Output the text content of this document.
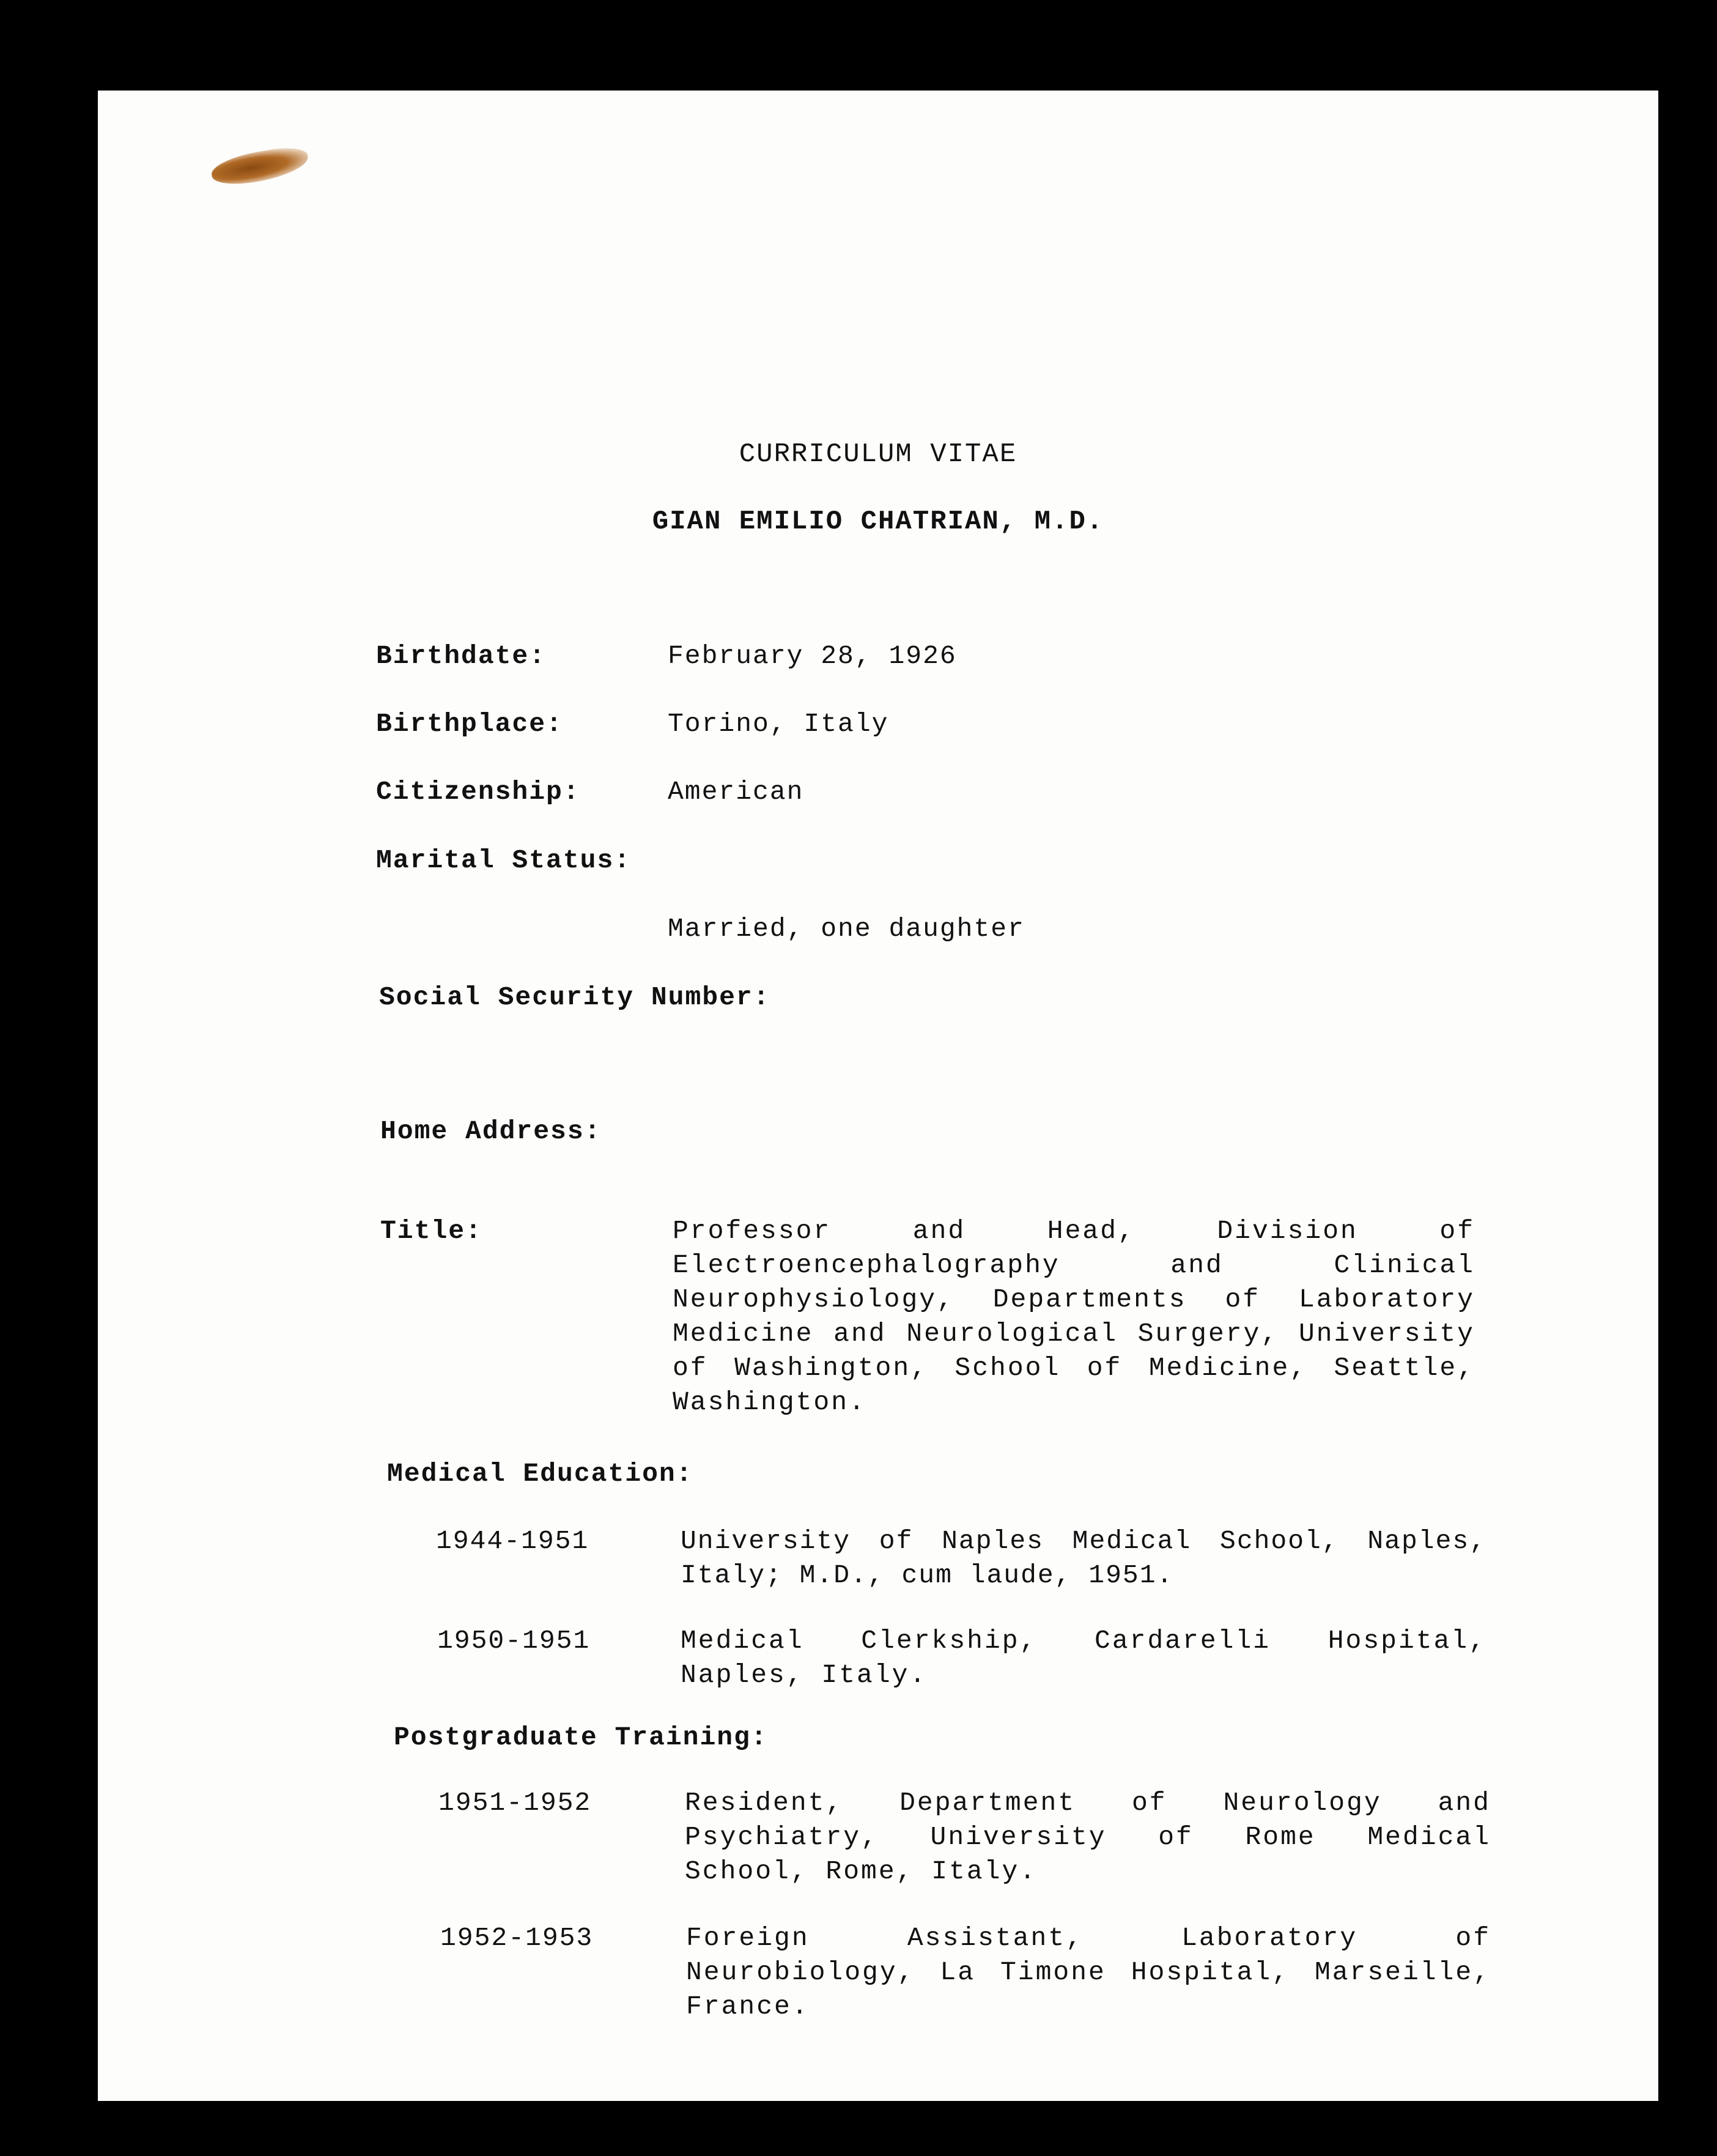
CURRICULUM VITAE
GIAN EMILIO CHATRIAN, M.D.
Birthdate:	February 28, 1926
Birthplace:	Torino, Italy
Citizenship:	American
Marital Status:
Married, one daughter
Social Security Number:
Home Address:
Title:	Professor and Head, Division of Electroencephalography and Clinical Neurophysiology, Departments of Laboratory Medicine and Neurological Surgery, University of Washington, School of Medicine, Seattle, Washington.
Medical Education:
1944-1951	University of Naples Medical School, Naples, Italy; M.D., cum laude, 1951.
1950-1951	Medical Clerkship, Cardarelli Hospital, Naples, Italy.
Postgraduate Training:
1951-1952	Resident, Department of Neurology and Psychiatry, University of Rome Medical School, Rome, Italy.
1952-1953	Foreign Assistant, Laboratory of Neurobiology, La Timone Hospital, Marseille, France.
